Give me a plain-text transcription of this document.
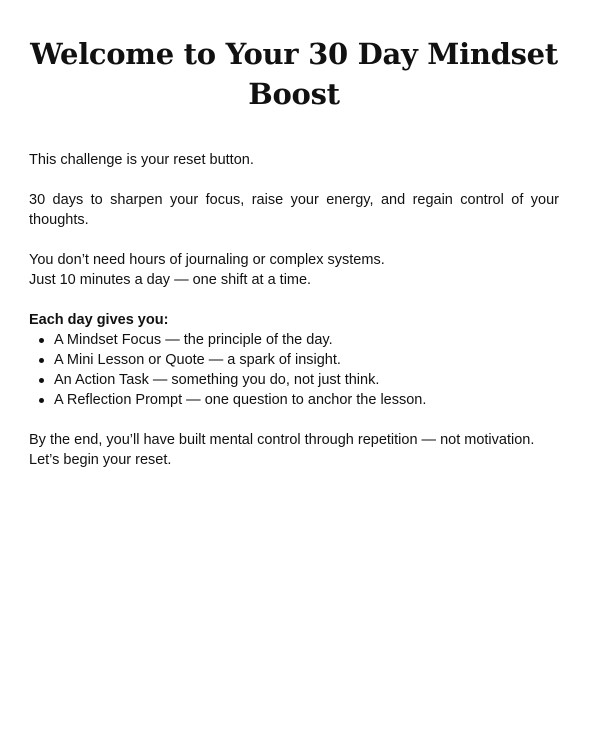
Welcome to Your 30 Day Mindset Boost

This challenge is your reset button.

30 days to sharpen your focus, raise your energy, and regain control of your thoughts.

You don’t need hours of journaling or complex systems.

Just 10 minutes a day — one shift at a time.

Each day gives you:

A Mindset Focus — the principle of the day.
A Mini Lesson or Quote — a spark of insight.
An Action Task — something you do, not just think.
A Reflection Prompt — one question to anchor the lesson.

By the end, you’ll have built mental control through repetition — not motivation.

Let’s begin your reset.
